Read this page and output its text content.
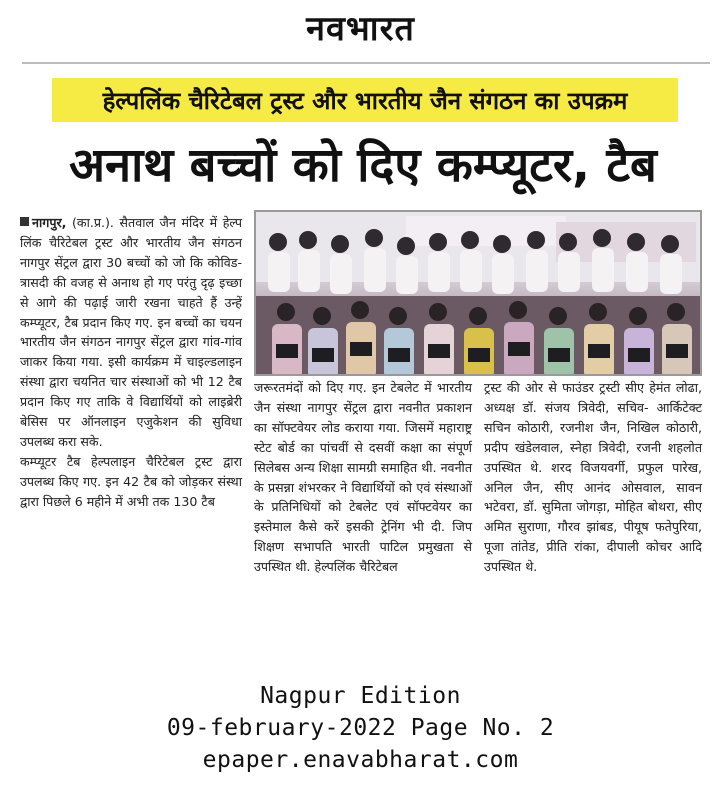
नवभारत
हेल्पलिंक चैरिटेबल ट्रस्ट और भारतीय जैन संगठन का उपक्रम
अनाथ बच्चों को दिए कम्प्यूटर, टैब

नागपुर, (का.प्र.). सैतवाल जैन मंदिर में हेल्प लिंक चैरिटेबल ट्रस्ट और भारतीय जैन संगठन नागपुर सेंट्रल द्वारा 30 बच्चों को जो कि कोविड-त्रासदी की वजह से अनाथ हो गए परंतु दृढ़ इच्छा से आगे की पढ़ाई जारी रखना चाहते हैं उन्हें कम्प्यूटर, टैब प्रदान किए गए. इन बच्चों का चयन भारतीय जैन संगठन नागपुर सेंट्रल द्वारा गांव-गांव जाकर किया गया. इसी कार्यक्रम में चाइल्डलाइन संस्था द्वारा चयनित चार संस्थाओं को भी 12 टैब प्रदान किए गए ताकि वे विद्यार्थियों को लाइब्रेरी बेसिस पर ऑनलाइन एजुकेशन की सुविधा उपलब्ध करा सके.

कम्प्यूटर टैब हेल्पलाइन चैरिटेबल ट्रस्ट द्वारा उपलब्ध किए गए. इन 42 टैब को जोड़कर संस्था द्वारा पिछले 6 महीने में अभी तक 130 टैब

जरूरतमंदों को दिए गए. इन टेबलेट में भारतीय जैन संस्था नागपुर सेंट्रल द्वारा नवनीत प्रकाशन का सॉफ्टवेयर लोड कराया गया. जिसमें महाराष्ट्र स्टेट बोर्ड का पांचवीं से दसवीं कक्षा का संपूर्ण सिलेबस अन्य शिक्षा सामग्री समाहित थी. नवनीत के प्रसन्ना शंभरकर ने विद्यार्थियों को एवं संस्थाओं के प्रतिनिधियों को टेबलेट एवं सॉफ्टवेयर का इस्तेमाल कैसे करें इसकी ट्रेनिंग भी दी. जिप शिक्षण सभापति भारती पाटिल प्रमुखता से उपस्थित थी. हेल्पलिंक चैरिटेबल

ट्रस्ट की ओर से फाउंडर ट्रस्टी सीए हेमंत लोढा, अध्यक्ष डॉ. संजय त्रिवेदी, सचिव- आर्किटेक्ट सचिन कोठारी, रजनीश जैन, निखिल कोठारी, प्रदीप खंडेलवाल, स्नेहा त्रिवेदी, रजनी शहलोत उपस्थित थे. शरद विजयवर्गी, प्रफुल पारेख, अनिल जैन, सीए आनंद ओसवाल, सावन भटेवरा, डॉ. सुमिता जोगड़ा, मोहित बोथरा, सीए अमित सुराणा, गौरव झांबड, पीयूष फतेपुरिया, पूजा तांतेड, प्रीति रांका, दीपाली कोचर आदि उपस्थित थे.

Nagpur Edition
09-february-2022 Page No. 2
epaper.enavabharat.com
